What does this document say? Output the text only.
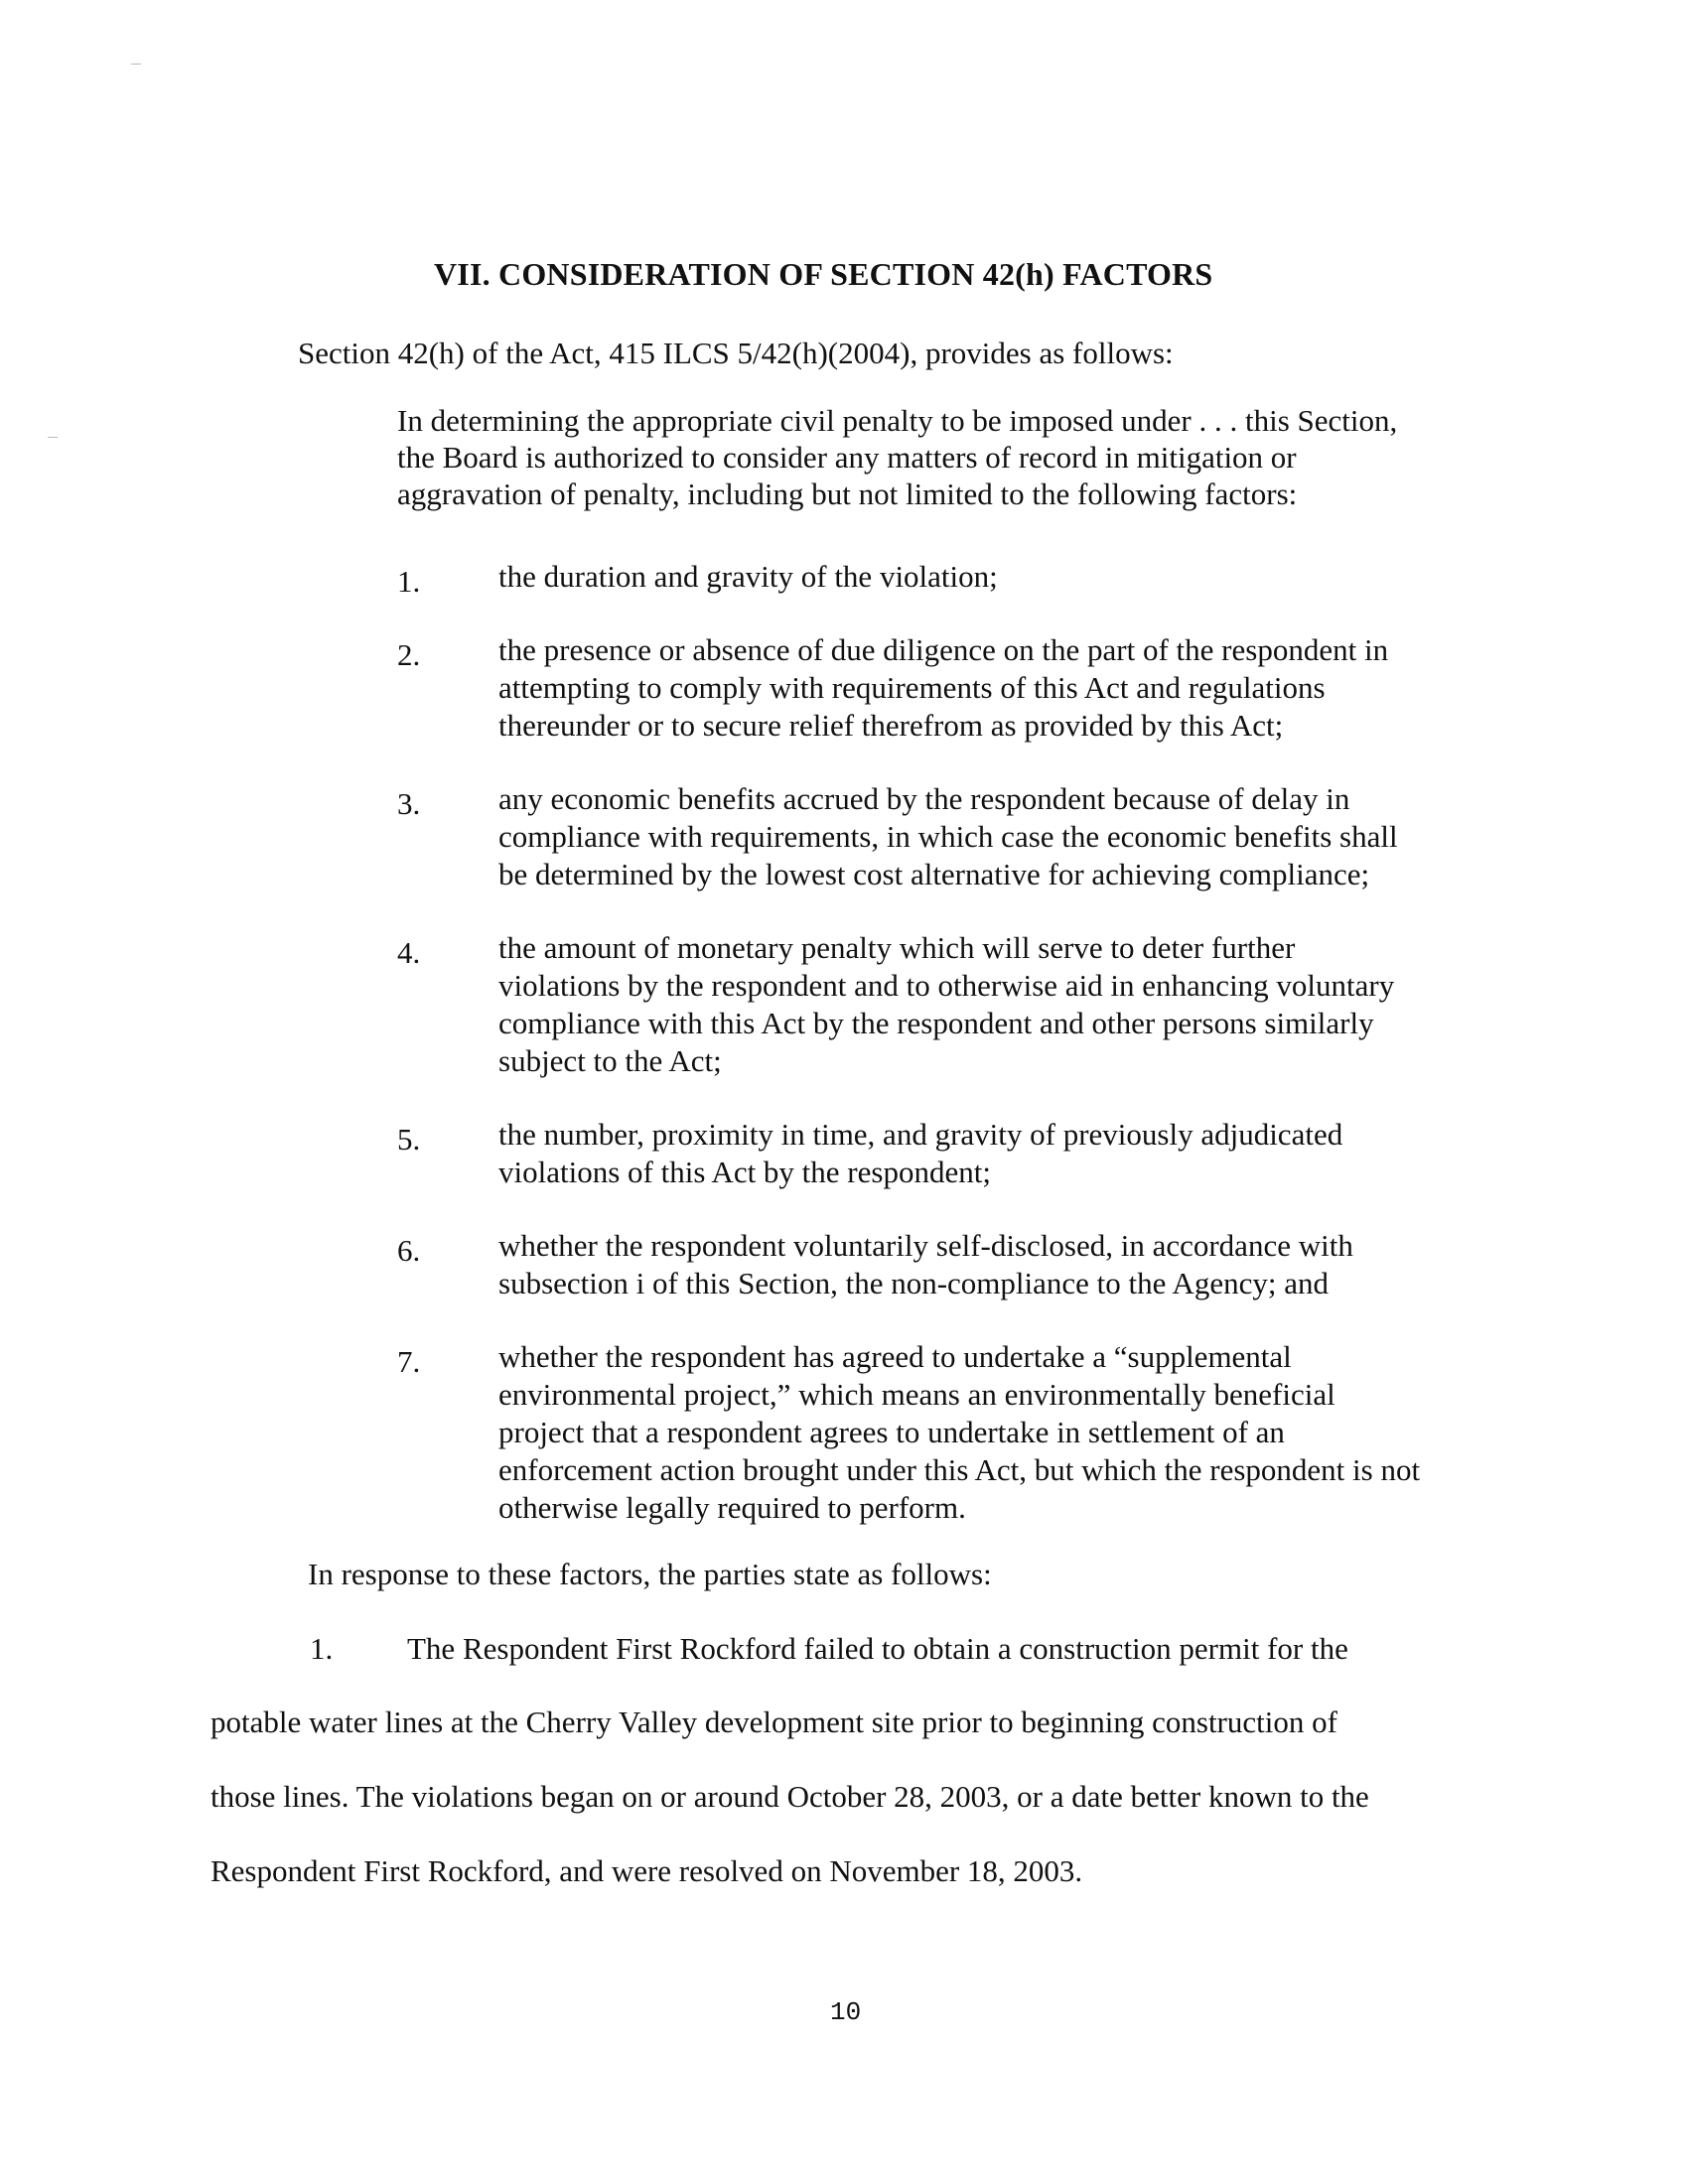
VII. CONSIDERATION OF SECTION 42(h) FACTORS
Section 42(h) of the Act, 415 ILCS 5/42(h)(2004), provides as follows:
In determining the appropriate civil penalty to be imposed under . . . this Section,
the Board is authorized to consider any matters of record in mitigation or
aggravation of penalty, including but not limited to the following factors:
1.	the duration and gravity of the violation;
2.	the presence or absence of due diligence on the part of the respondent in
attempting to comply with requirements of this Act and regulations
thereunder or to secure relief therefrom as provided by this Act;
3.	any economic benefits accrued by the respondent because of delay in
compliance with requirements, in which case the economic benefits shall
be determined by the lowest cost alternative for achieving compliance;
4.	the amount of monetary penalty which will serve to deter further
violations by the respondent and to otherwise aid in enhancing voluntary
compliance with this Act by the respondent and other persons similarly
subject to the Act;
5.	the number, proximity in time, and gravity of previously adjudicated
violations of this Act by the respondent;
6.	whether the respondent voluntarily self-disclosed, in accordance with
subsection i of this Section, the non-compliance to the Agency; and
7.	whether the respondent has agreed to undertake a “supplemental
environmental project,” which means an environmentally beneficial
project that a respondent agrees to undertake in settlement of an
enforcement action brought under this Act, but which the respondent is not
otherwise legally required to perform.
In response to these factors, the parties state as follows:
1. The Respondent First Rockford failed to obtain a construction permit for the
potable water lines at the Cherry Valley development site prior to beginning construction of
those lines. The violations began on or around October 28, 2003, or a date better known to the
Respondent First Rockford, and were resolved on November 18, 2003.
10
